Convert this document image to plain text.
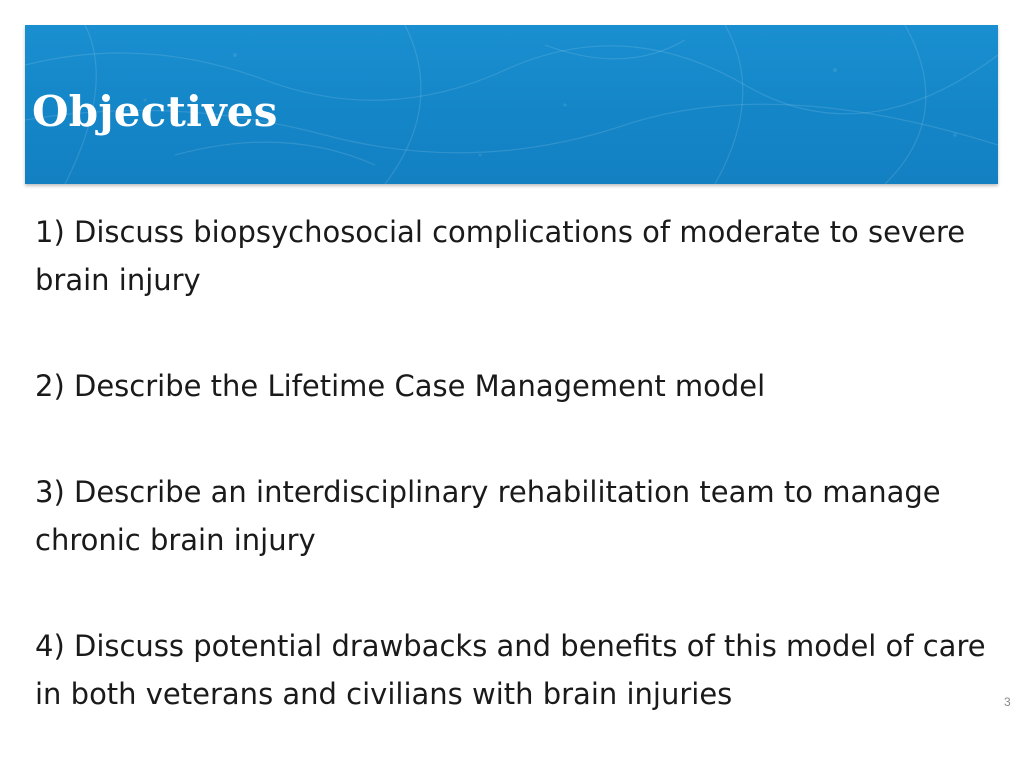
Objectives
1) Discuss biopsychosocial complications of moderate to severe brain injury
2) Describe the Lifetime Case Management model
3) Describe an interdisciplinary rehabilitation team to manage chronic brain injury
4) Discuss potential drawbacks and benefits of this model of care in both veterans and civilians with brain injuries	3
